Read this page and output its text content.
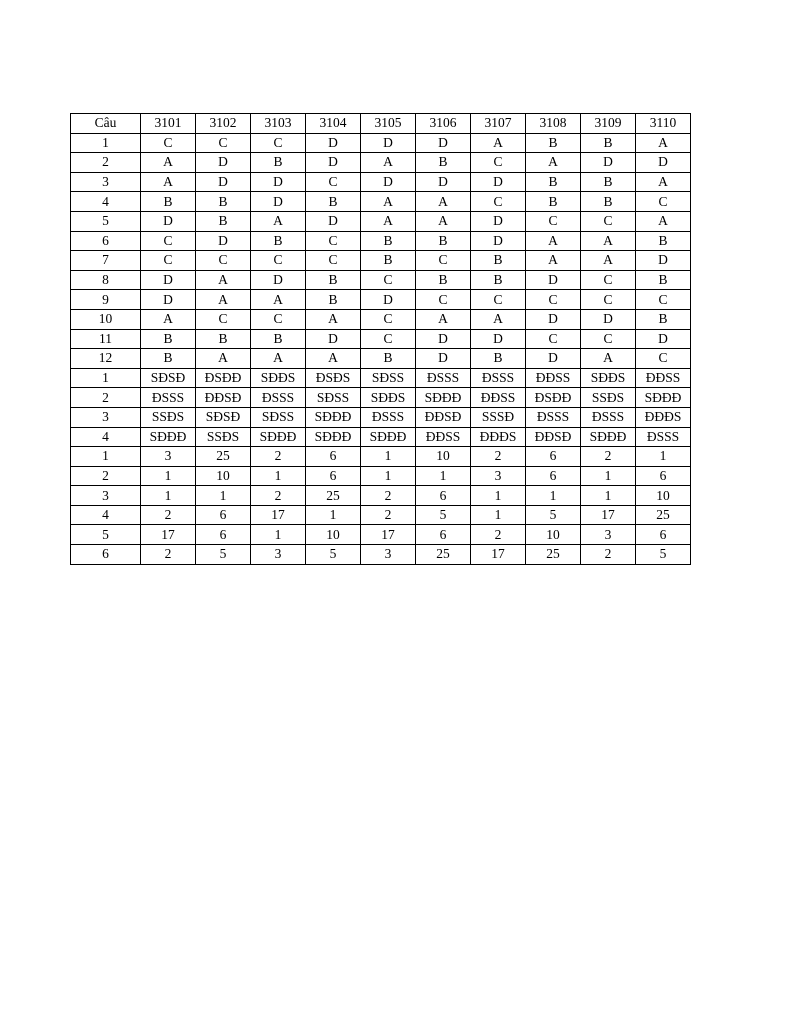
Câu	3101	3102	3103	3104	3105	3106	3107	3108	3109	3110
1	C	C	C	D	D	D	A	B	B	A
2	A	D	B	D	A	B	C	A	D	D
3	A	D	D	C	D	D	D	B	B	A
4	B	B	D	B	A	A	C	B	B	C
5	D	B	A	D	A	A	D	C	C	A
6	C	D	B	C	B	B	D	A	A	B
7	C	C	C	C	B	C	B	A	A	D
8	D	A	D	B	C	B	B	D	C	B
9	D	A	A	B	D	C	C	C	C	C
10	A	C	C	A	C	A	A	D	D	B
11	B	B	B	D	C	D	D	C	C	D
12	B	A	A	A	B	D	B	D	A	C
1	SĐSĐ	ĐSĐĐ	SĐĐS	ĐSĐS	SĐSS	ĐSSS	ĐSSS	ĐĐSS	SĐĐS	ĐĐSS
2	ĐSSS	ĐĐSĐ	ĐSSS	SĐSS	SĐĐS	SĐĐĐ	ĐĐSS	ĐSĐĐ	SSĐS	SĐĐĐ
3	SSĐS	SĐSĐ	SĐSS	SĐĐĐ	ĐSSS	ĐĐSĐ	SSSĐ	ĐSSS	ĐSSS	ĐĐĐS
4	SĐĐĐ	SSĐS	SĐĐĐ	SĐĐĐ	SĐĐĐ	ĐĐSS	ĐĐĐS	ĐĐSĐ	SĐĐĐ	ĐSSS
1	3	25	2	6	1	10	2	6	2	1
2	1	10	1	6	1	1	3	6	1	6
3	1	1	2	25	2	6	1	1	1	10
4	2	6	17	1	2	5	1	5	17	25
5	17	6	1	10	17	6	2	10	3	6
6	2	5	3	5	3	25	17	25	2	5
